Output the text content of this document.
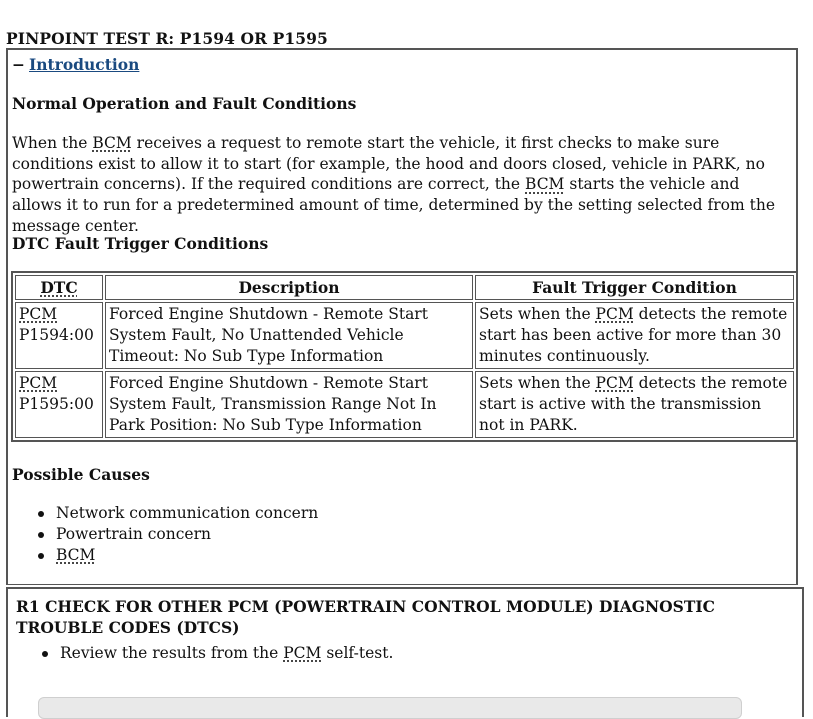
PINPOINT TEST R: P1594 OR P1595
− Introduction
Normal Operation and Fault Conditions

When the BCM receives a request to remote start the vehicle, it first checks to make sure conditions exist to allow it to start (for example, the hood and doors closed, vehicle in PARK, no powertrain concerns). If the required conditions are correct, the BCM starts the vehicle and allows it to run for a predetermined amount of time, determined by the setting selected from the message center.

DTC Fault Trigger Conditions
DTC	Description	Fault Trigger Condition
PCM
P1594:00	Forced Engine Shutdown - Remote Start System Fault, No Unattended Vehicle Timeout: No Sub Type Information	Sets when the PCM detects the remote start has been active for more than 30 minutes continuously.
PCM
P1595:00	Forced Engine Shutdown - Remote Start System Fault, Transmission Range Not In Park Position: No Sub Type Information	Sets when the PCM detects the remote start is active with the transmission not in PARK.
Possible Causes
Network communication concern
Powertrain concern
BCM
R1 CHECK FOR OTHER PCM (POWERTRAIN CONTROL MODULE) DIAGNOSTIC TROUBLE CODES (DTCS)
Review the results from the PCM self-test.
